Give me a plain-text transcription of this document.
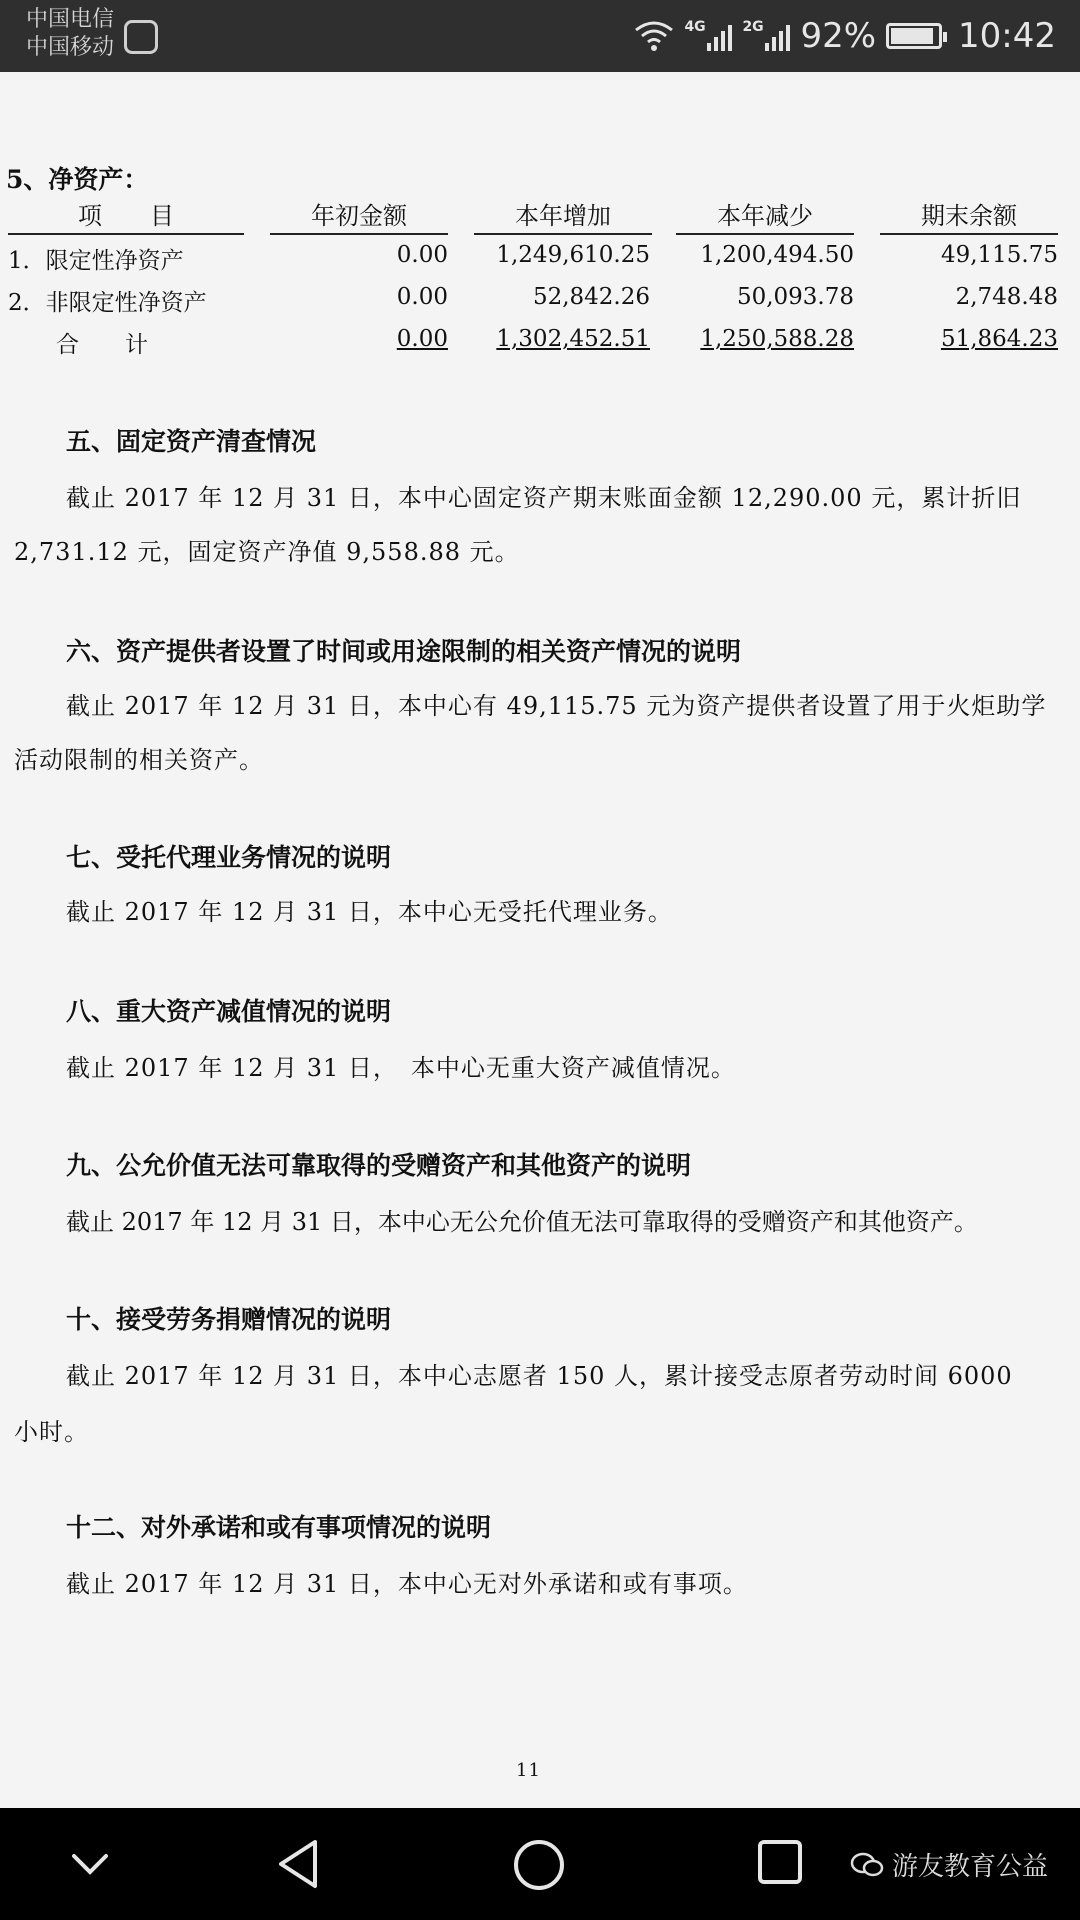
中国电信
中国移动
4G	2G 92% 10:42
5、净资产：
项　　目	年初金额	本年增加	本年减少	期末余额
1．限定性净资产	0.00	1,249,610.25	1,200,494.50	49,115.75
2．非限定性净资产	0.00	52,842.26	50,093.78	2,748.48
合　　计	0.00	1,302,452.51	1,250,588.28	51,864.23
五、固定资产清查情况
截止 2017 年 12 月 31 日，本中心固定资产期末账面金额 12,290.00 元，累计折旧
2,731.12 元，固定资产净值 9,558.88 元。
六、资产提供者设置了时间或用途限制的相关资产情况的说明
截止 2017 年 12 月 31 日，本中心有 49,115.75 元为资产提供者设置了用于火炬助学
活动限制的相关资产。
七、受托代理业务情况的说明
截止 2017 年 12 月 31 日，本中心无受托代理业务。
八、重大资产减值情况的说明
截止 2017 年 12 月 31 日，　本中心无重大资产减值情况。
九、公允价值无法可靠取得的受赠资产和其他资产的说明
截止 2017 年 12 月 31 日，本中心无公允价值无法可靠取得的受赠资产和其他资产。
十、接受劳务捐赠情况的说明
截止 2017 年 12 月 31 日，本中心志愿者 150 人，累计接受志原者劳动时间 6000
小时。
十二、对外承诺和或有事项情况的说明
截止 2017 年 12 月 31 日，本中心无对外承诺和或有事项。
11
游友教育公益
